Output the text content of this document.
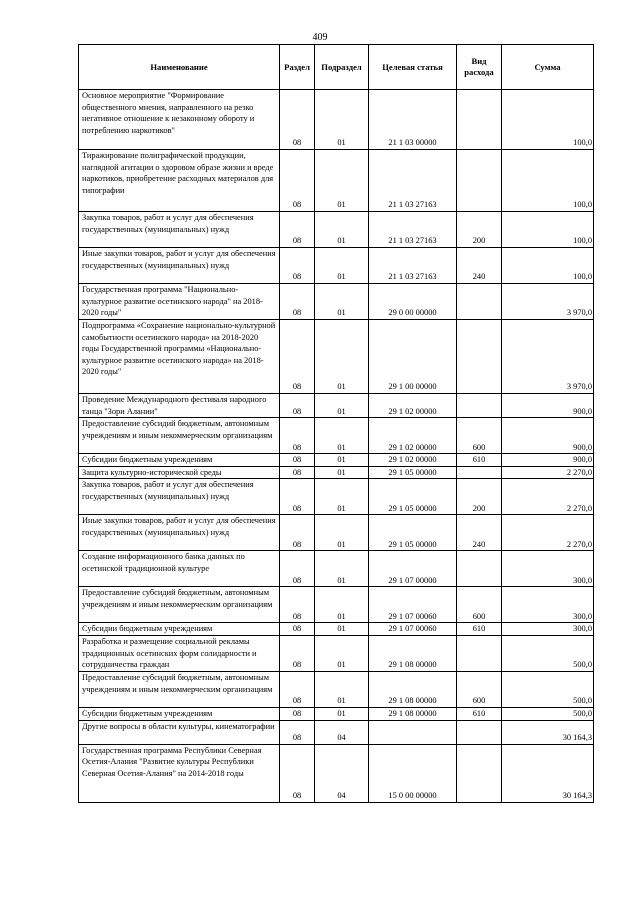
409
Наименование	Раздел	Подраздел	Целевая статья	Вид расхода	Сумма
Основное мероприятие "Формирование общественного мнения, направленного на резко негативное отношение к незаконному обороту и потреблению наркотиков"	08	01	21 1 03 00000		100,0
Тиражирование полиграфической продукции, наглядной агитации о здоровом образе жизни и вреде наркотиков, приобретение расходных материалов для типографии	08	01	21 1 03 27163		100,0
Закупка товаров, работ и услуг для обеспечения государственных (муниципальных) нужд	08	01	21 1 03 27163	200	100,0
Иные закупки товаров, работ и услуг для обеспечения государственных (муниципальных) нужд	08	01	21 1 03 27163	240	100,0
Государственная программа "Национально-культурное развитие осетинского народа" на 2018-2020 годы"	08	01	29 0 00 00000		3 970,0
Подпрограмма «Сохранение национально-культурной самобытности осетинского народа» на 2018-2020 годы Государственной программы «Национально-культурное развитие осетинского народа» на 2018-2020 годы"	08	01	29 1 00 00000		3 970,0
Проведение Международного фестиваля народного танца "Зори Алании"	08	01	29 1 02 00000		900,0
Предоставление субсидий бюджетным, автономным учреждениям и иным некоммерческим организациям	08	01	29 1 02 00000	600	900,0
Субсидии бюджетным учреждениям	08	01	29 1 02 00000	610	900,0
Защита культурно-исторической среды	08	01	29 1 05 00000		2 270,0
Закупка товаров, работ и услуг для обеспечения государственных (муниципальных) нужд	08	01	29 1 05 00000	200	2 270,0
Иные закупки товаров, работ и услуг для обеспечения государственных (муниципальных) нужд	08	01	29 1 05 00000	240	2 270,0
Создание информационного банка данных по осетинской традиционной культуре	08	01	29 1 07 00000		300,0
Предоставление субсидий бюджетным, автономным учреждениям и иным некоммерческим организациям	08	01	29 1 07 00060	600	300,0
Субсидии бюджетным учреждениям	08	01	29 1 07 00060	610	300,0
Разработка и размещение социальной рекламы традиционных осетинских форм солидарности и сотрудничества граждан	08	01	29 1 08 00000		500,0
Предоставление субсидий бюджетным, автономным учреждениям и иным некоммерческим организациям	08	01	29 1 08 00000	600	500,0
Субсидии бюджетным учреждениям	08	01	29 1 08 00000	610	500,0
Другие вопросы в области культуры, кинематографии	08	04			30 164,3
Государственная программа Республики Северная Осетия-Алания "Развитие культуры Республики Северная Осетия-Алания" на 2014-2018 годы	08	04	15 0 00 00000		30 164,3
